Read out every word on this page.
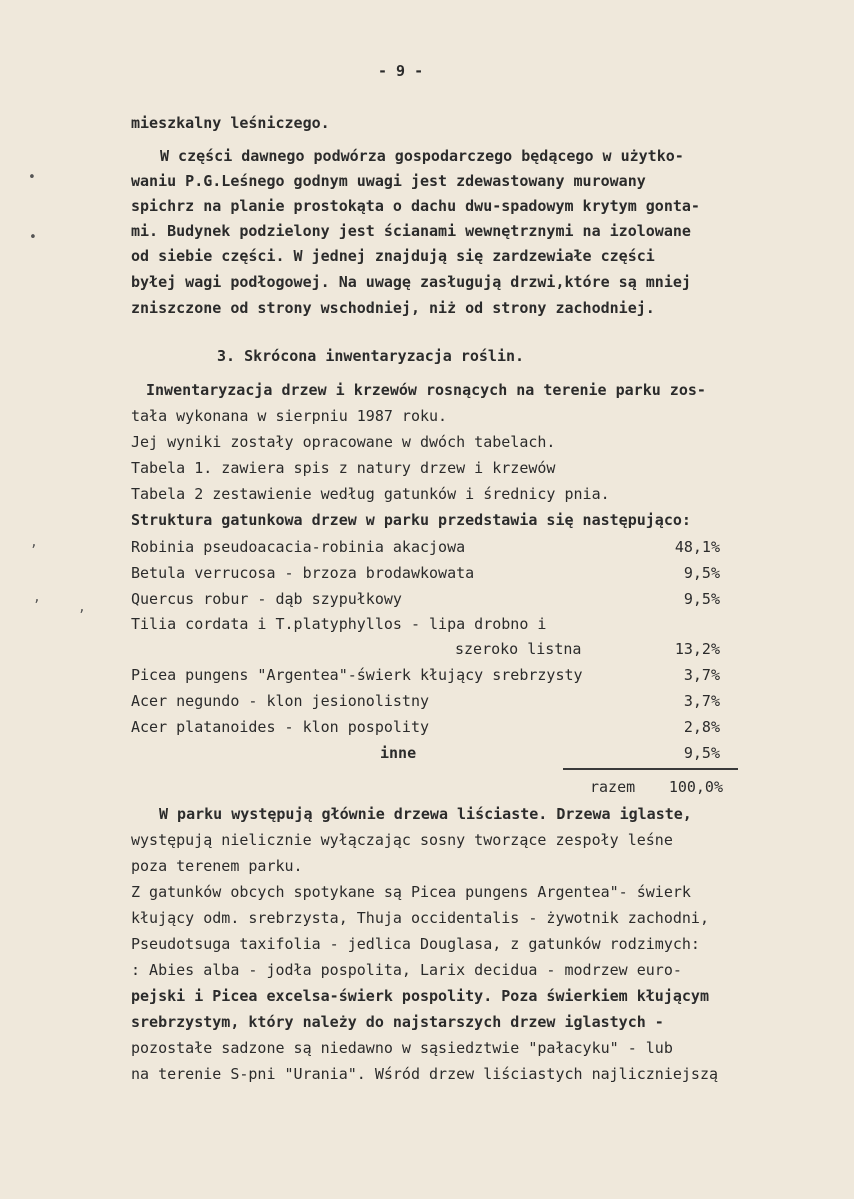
- 9 -
mieszkalny leśniczego.
W części dawnego podwórza gospodarczego będącego w użytko-
waniu P.G.Leśnego godnym uwagi jest zdewastowany murowany
spichrz na planie prostokąta o dachu dwu-spadowym krytym gonta-
mi. Budynek podzielony jest ścianami wewnętrznymi na izolowane
od siebie części. W jednej znajdują się zardzewiałe części
byłej wagi podłogowej. Na uwagę zasługują drzwi,które są mniej
zniszczone od strony wschodniej, niż od strony zachodniej.
3. Skrócona inwentaryzacja roślin.
Inwentaryzacja drzew i krzewów rosnących na terenie parku zos-
tała wykonana w sierpniu 1987 roku.
Jej wyniki zostały opracowane w dwóch tabelach.
Tabela 1. zawiera spis z natury drzew i krzewów
Tabela 2 zestawienie według gatunków i średnicy pnia.
Struktura gatunkowa drzew w parku przedstawia się następująco:
Robinia pseudoacacia-robinia akacjowa	48,1%
Betula verrucosa - brzoza brodawkowata	9,5%
Quercus robur - dąb szypułkowy	9,5%
Tilia cordata i T.platyphyllos - lipa drobno i
szeroko listna	13,2%
Picea pungens "Argentea"-świerk kłujący srebrzysty	3,7%
Acer negundo - klon jesionolistny	3,7%
Acer platanoides - klon pospolity	2,8%
inne	9,5%
razem	100,0%
W parku występują głównie drzewa liściaste. Drzewa iglaste,
występują nielicznie wyłączając sosny tworzące zespoły leśne
poza terenem parku.
Z gatunków obcych spotykane są Picea pungens Argentea"- świerk
kłujący odm. srebrzysta, Thuja occidentalis - żywotnik zachodni,
Pseudotsuga taxifolia - jedlica Douglasa, z gatunków rodzimych:
: Abies alba - jodła pospolita, Larix decidua - modrzew euro-
pejski i Picea excelsa-świerk pospolity. Poza świerkiem kłującym
srebrzystym, który należy do najstarszych drzew iglastych -
pozostałe sadzone są niedawno w sąsiedztwie "pałacyku" - lub
na terenie S-pni "Urania". Wśród drzew liściastych najliczniejszą
•
•
,
,
,
